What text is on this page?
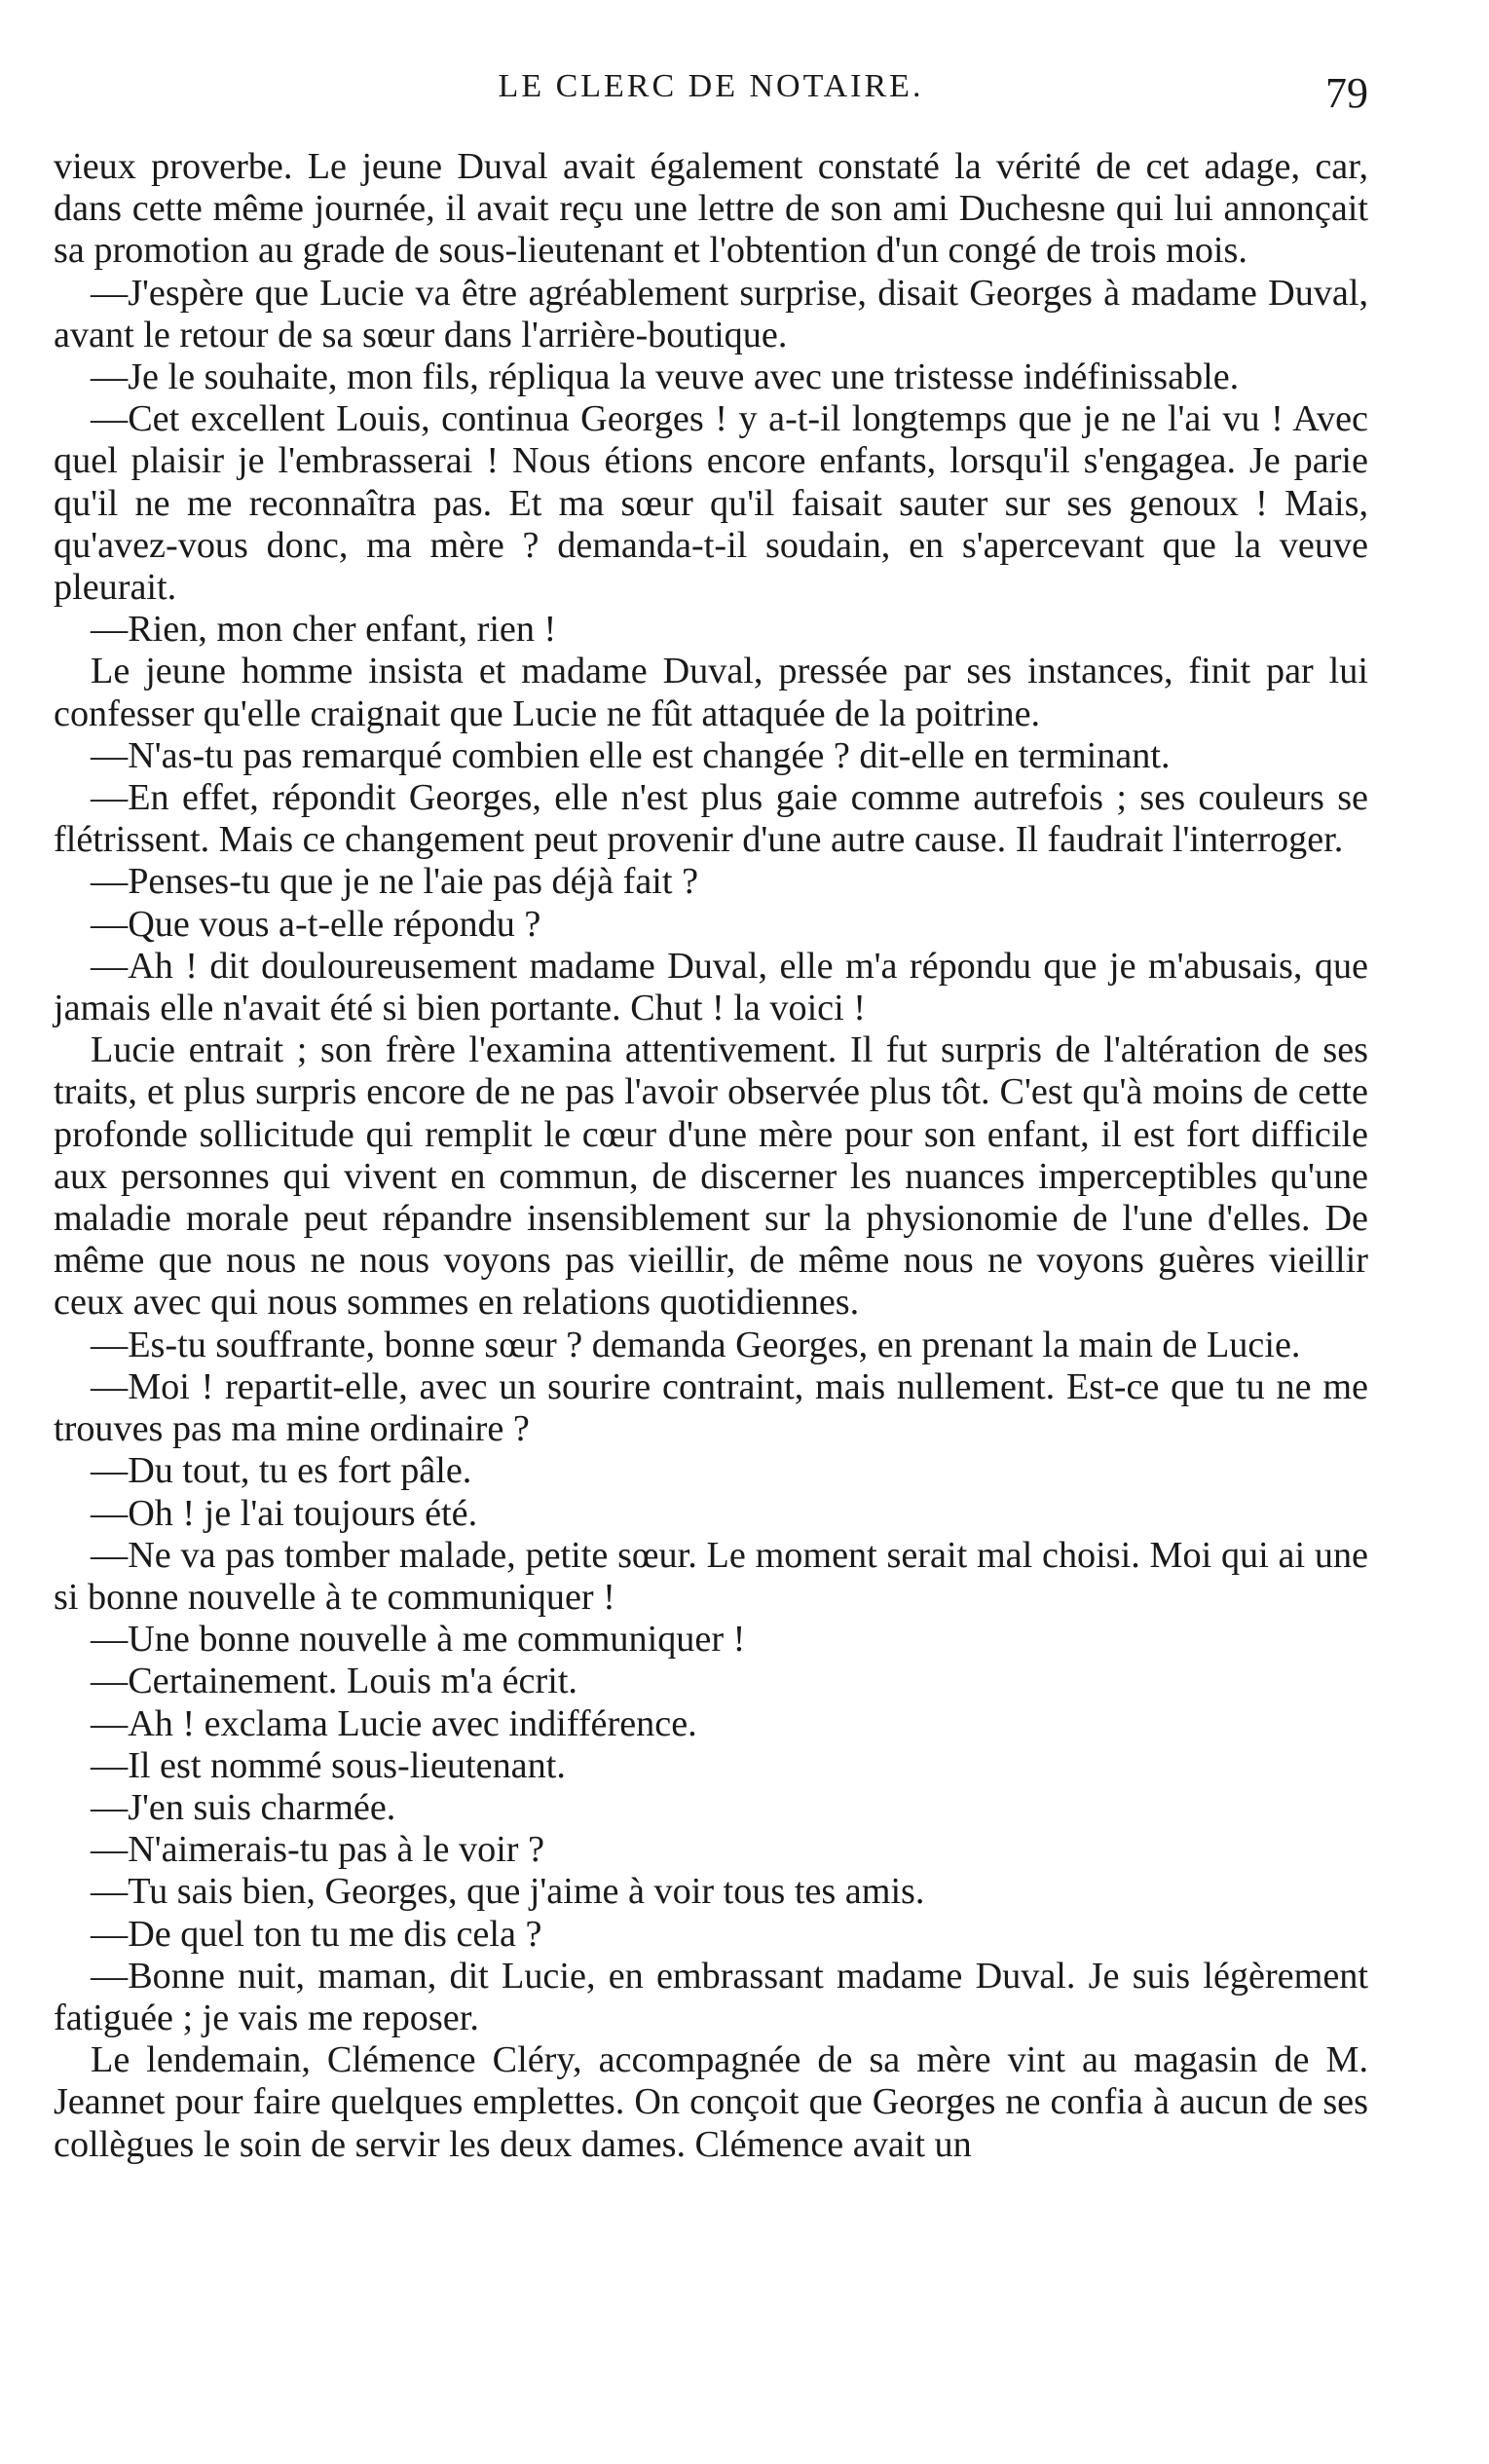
LE CLERC DE NOTAIRE.	79

vieux proverbe. Le jeune Duval avait également constaté la vérité de cet adage, car, dans cette même journée, il avait reçu une lettre de son ami Duchesne qui lui annonçait sa promotion au grade de sous-lieutenant et l'obtention d'un congé de trois mois.

—J'espère que Lucie va être agréablement surprise, disait Georges à madame Duval, avant le retour de sa sœur dans l'arrière-boutique.

—Je le souhaite, mon fils, répliqua la veuve avec une tristesse indéfinissable.

—Cet excellent Louis, continua Georges ! y a-t-il longtemps que je ne l'ai vu ! Avec quel plaisir je l'embrasserai ! Nous étions encore enfants, lorsqu'il s'engagea. Je parie qu'il ne me reconnaîtra pas. Et ma sœur qu'il faisait sauter sur ses genoux ! Mais, qu'avez-vous donc, ma mère ? demanda-t-il soudain, en s'apercevant que la veuve pleurait.

—Rien, mon cher enfant, rien !

Le jeune homme insista et madame Duval, pressée par ses instances, finit par lui confesser qu'elle craignait que Lucie ne fût attaquée de la poitrine.

—N'as-tu pas remarqué combien elle est changée ? dit-elle en terminant.

—En effet, répondit Georges, elle n'est plus gaie comme autrefois ; ses couleurs se flétrissent. Mais ce changement peut provenir d'une autre cause. Il faudrait l'interroger.

—Penses-tu que je ne l'aie pas déjà fait ?

—Que vous a-t-elle répondu ?

—Ah ! dit douloureusement madame Duval, elle m'a répondu que je m'abusais, que jamais elle n'avait été si bien portante. Chut ! la voici !

Lucie entrait ; son frère l'examina attentivement. Il fut surpris de l'altération de ses traits, et plus surpris encore de ne pas l'avoir observée plus tôt. C'est qu'à moins de cette profonde sollicitude qui remplit le cœur d'une mère pour son enfant, il est fort difficile aux personnes qui vivent en commun, de discerner les nuances imperceptibles qu'une maladie morale peut répandre insensiblement sur la physionomie de l'une d'elles. De même que nous ne nous voyons pas vieillir, de même nous ne voyons guères vieillir ceux avec qui nous sommes en relations quotidiennes.

—Es-tu souffrante, bonne sœur ? demanda Georges, en prenant la main de Lucie.

—Moi ! repartit-elle, avec un sourire contraint, mais nullement. Est-ce que tu ne me trouves pas ma mine ordinaire ?

—Du tout, tu es fort pâle.

—Oh ! je l'ai toujours été.

—Ne va pas tomber malade, petite sœur. Le moment serait mal choisi. Moi qui ai une si bonne nouvelle à te communiquer !

—Une bonne nouvelle à me communiquer !

—Certainement. Louis m'a écrit.

—Ah ! exclama Lucie avec indifférence.

—Il est nommé sous-lieutenant.

—J'en suis charmée.

—N'aimerais-tu pas à le voir ?

—Tu sais bien, Georges, que j'aime à voir tous tes amis.

—De quel ton tu me dis cela ?

—Bonne nuit, maman, dit Lucie, en embrassant madame Duval. Je suis légèrement fatiguée ; je vais me reposer.

Le lendemain, Clémence Cléry, accompagnée de sa mère vint au magasin de M. Jeannet pour faire quelques emplettes. On conçoit que Georges ne confia à aucun de ses collègues le soin de servir les deux dames. Clémence avait un
